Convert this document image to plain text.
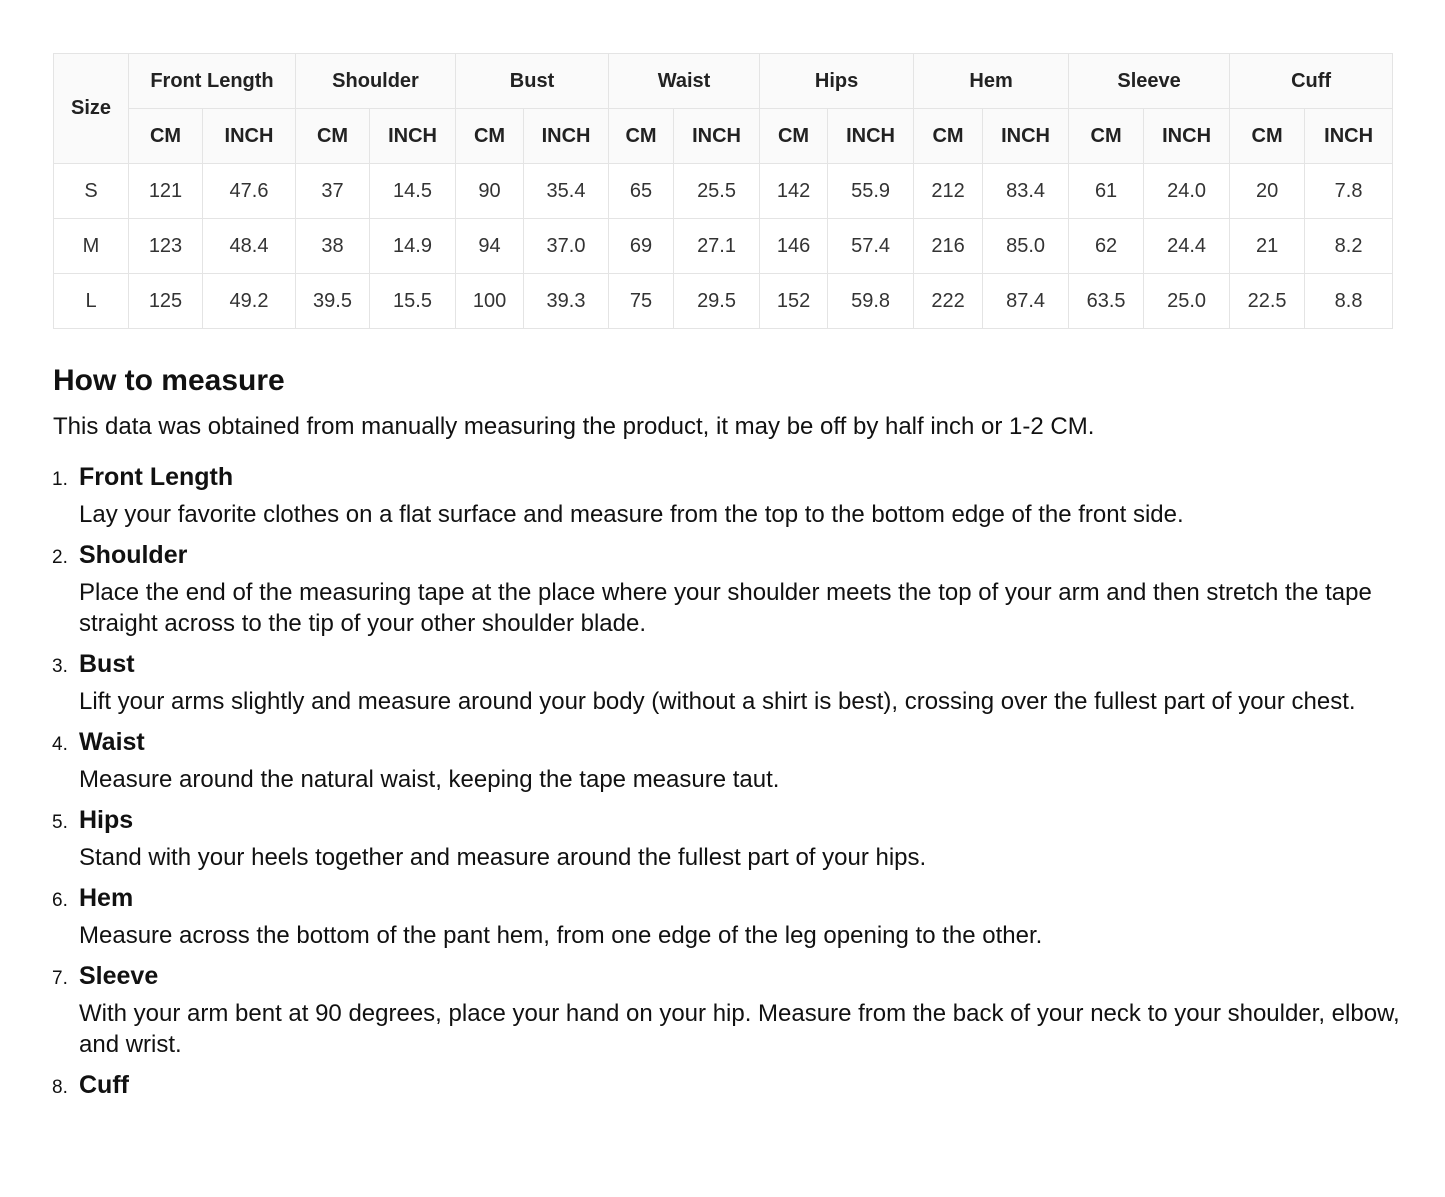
Size	Front Length		Shoulder		Bust		Waist		Hips		Hem		Sleeve		Cuff	
	CM	INCH	CM	INCH	CM	INCH	CM	INCH	CM	INCH	CM	INCH	CM	INCH	CM	INCH
S	121	47.6	37	14.5	90	35.4	65	25.5	142	55.9	212	83.4	61	24.0	20	7.8
M	123	48.4	38	14.9	94	37.0	69	27.1	146	57.4	216	85.0	62	24.4	21	8.2
L	125	49.2	39.5	15.5	100	39.3	75	29.5	152	59.8	222	87.4	63.5	25.0	22.5	8.8
How to measure

This data was obtained from manually measuring the product, it may be off by half inch or 1-2 CM.

1. Front Length
Lay your favorite clothes on a flat surface and measure from the top to the bottom edge of the front side.
2. Shoulder
Place the end of the measuring tape at the place where your shoulder meets the top of your arm and then stretch the tape straight across to the tip of your other shoulder blade.
3. Bust
Lift your arms slightly and measure around your body (without a shirt is best), crossing over the fullest part of your chest.
4. Waist
Measure around the natural waist, keeping the tape measure taut.
5. Hips
Stand with your heels together and measure around the fullest part of your hips.
6. Hem
Measure across the bottom of the pant hem, from one edge of the leg opening to the other.
7. Sleeve
With your arm bent at 90 degrees, place your hand on your hip. Measure from the back of your neck to your shoulder, elbow, and wrist.
8. Cuff
